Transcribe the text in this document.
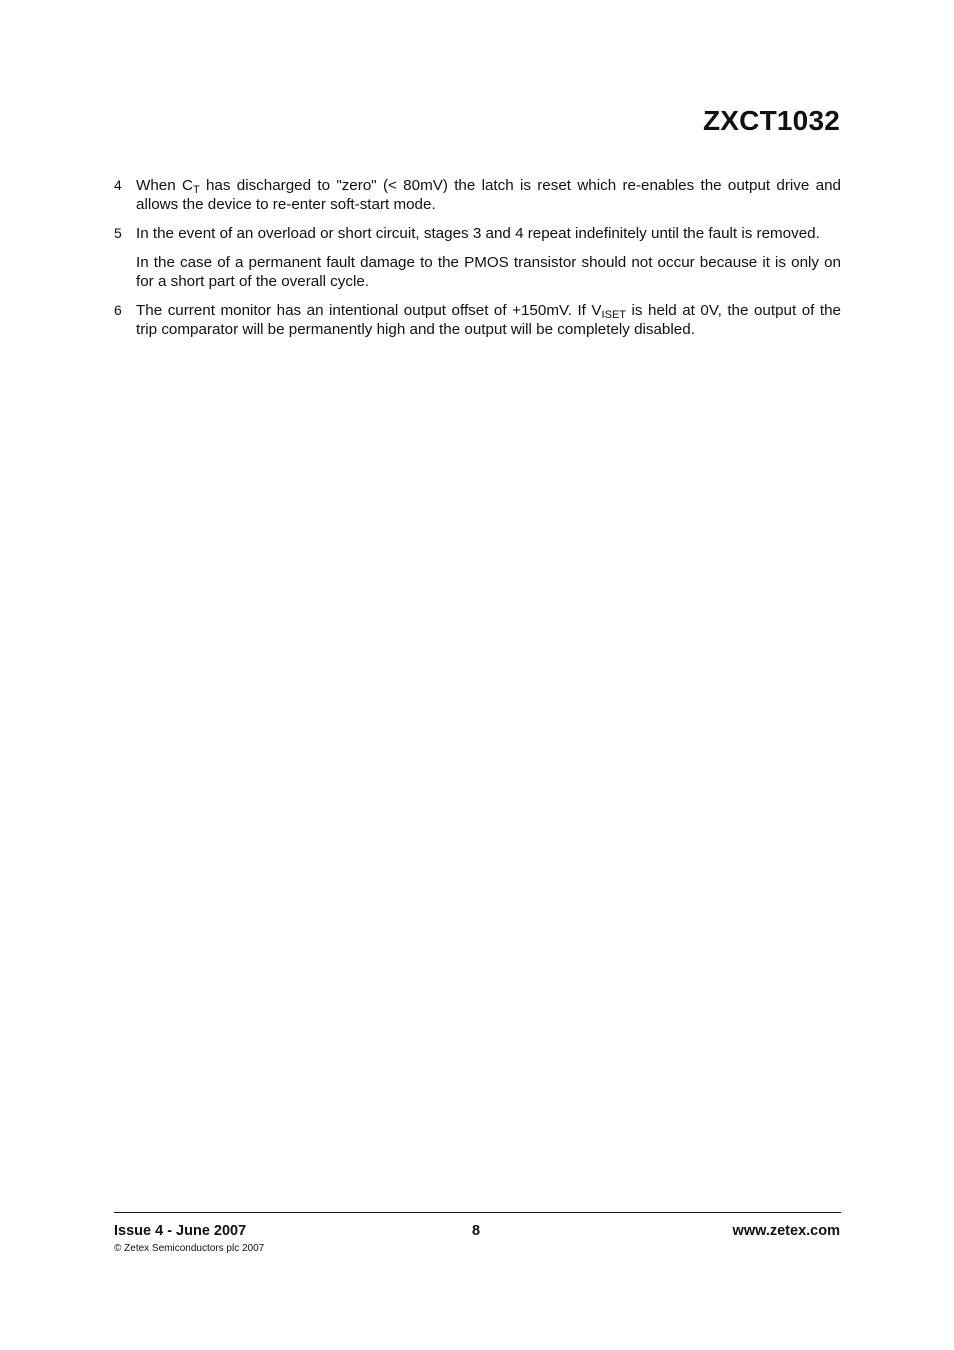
ZXCT1032
4 When $C_T$ has discharged to "zero" (< 80mV) the latch is reset which re-enables the output drive and allows the device to re-enter soft-start mode.

5 In the event of an overload or short circuit, stages 3 and 4 repeat indefinitely until the fault is removed.

In the case of a permanent fault damage to the PMOS transistor should not occur because it is only on for a short part of the overall cycle.

6 The current monitor has an intentional output offset of +150mV. If $V_{ISET}$ is held at 0V, the output of the trip comparator will be permanently high and the output will be completely disabled.

Issue 4 - June 2007	8	www.zetex.com
© Zetex Semiconductors plc 2007
